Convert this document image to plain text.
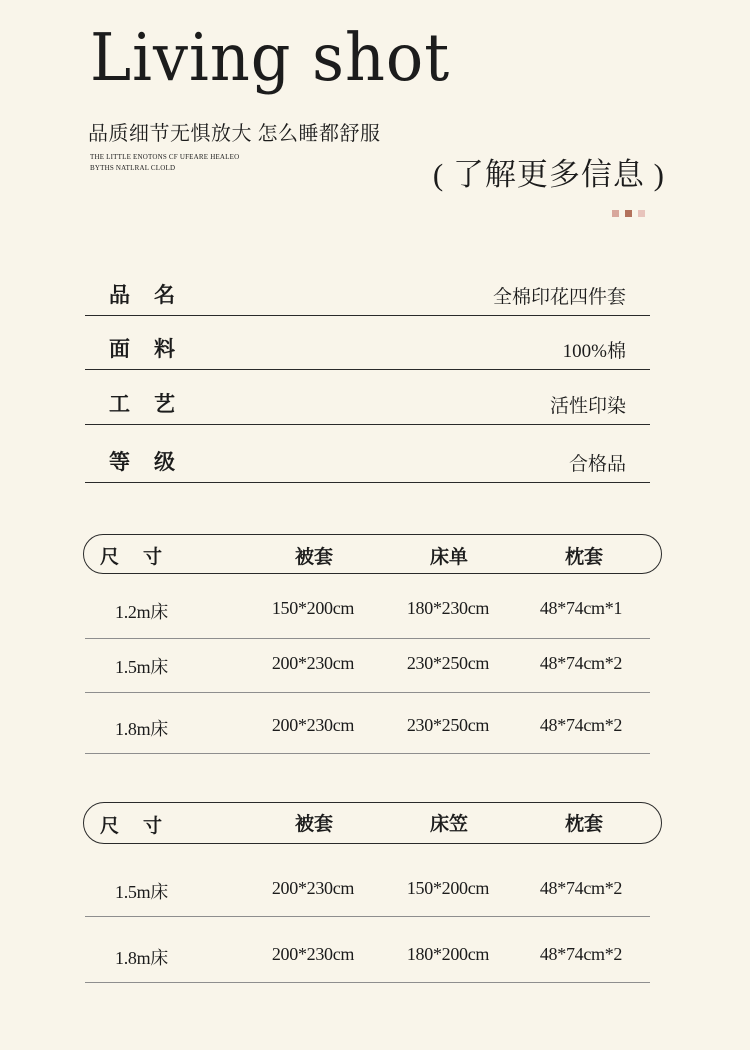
Living shot
品质细节无惧放大 怎么睡都舒服
THE LITTLE ENOTONS CF UFEARE HEALEO
BYTHS NATLRAL CLOLD	( 了解更多信息 )
品名	全棉印花四件套
面料	100%棉
工艺	活性印染
等级	合格品
尺寸	被套	床单	枕套
1.2m床	150*200cm	180*230cm	48*74cm*1
1.5m床	200*230cm	230*250cm	48*74cm*2
1.8m床	200*230cm	230*250cm	48*74cm*2
尺寸	被套	床笠	枕套
1.5m床	200*230cm	150*200cm	48*74cm*2
1.8m床	200*230cm	180*200cm	48*74cm*2
